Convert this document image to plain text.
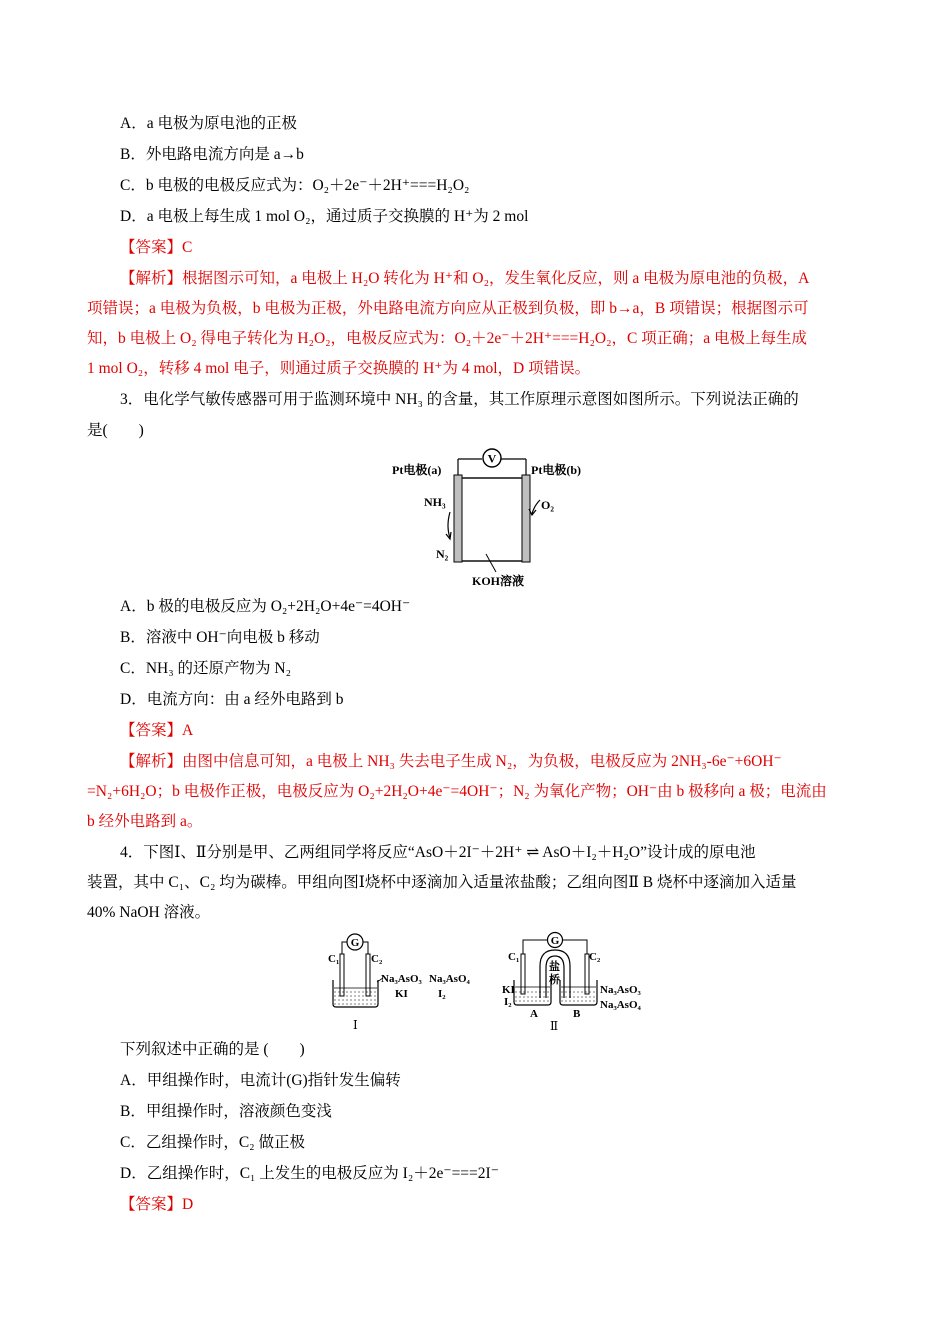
A．a 电极为原电池的正极
B．外电路电流方向是 a→b
C．b 电极的电极反应式为：O₂＋2e⁻＋2H⁺===H₂O₂
D．a 电极上每生成 1 mol O₂，通过质子交换膜的 H⁺为 2 mol
【答案】C
【解析】根据图示可知，a 电极上 H₂O 转化为 H⁺和 O₂，发生氧化反应，则 a 电极为原电池的负极，A
项错误；a 电极为负极，b 电极为正极，外电路电流方向应从正极到负极，即 b→a，B 项错误；根据图示可
知，b 电极上 O₂ 得电子转化为 H₂O₂，电极反应式为：O₂＋2e⁻＋2H⁺===H₂O₂，C 项正确；a 电极上每生成
1 mol O₂，转移 4 mol 电子，则通过质子交换膜的 H⁺为 4 mol，D 项错误。
3．电化学气敏传感器可用于监测环境中 NH₃ 的含量，其工作原理示意图如图所示。下列说法正确的
是(　　)
V
Pt电极(a)	Pt电极(b)
NH₃
N₂
O₂
KOH溶液
A．b 极的电极反应为 O₂+2H₂O+4e⁻=4OH⁻
B．溶液中 OH⁻向电极 b 移动
C．NH₃ 的还原产物为 N₂
D．电流方向：由 a 经外电路到 b
【答案】A
【解析】由图中信息可知，a 电极上 NH₃ 失去电子生成 N₂，为负极，电极反应为 2NH₃-6e⁻+6OH⁻
=N₂+6H₂O；b 电极作正极，电极反应为 O₂+2H₂O+4e⁻=4OH⁻；N₂ 为氧化产物；OH⁻由 b 极移向 a 极；电流由
b 经外电路到 a。
4．下图Ⅰ、Ⅱ分别是甲、乙两组同学将反应“AsO＋2I⁻＋2H⁺ ⇌ AsO＋I₂＋H₂O”设计成的原电池
装置，其中 C₁、C₂ 均为碳棒。甲组向图Ⅰ烧杯中逐滴加入适量浓盐酸；乙组向图Ⅱ B 烧杯中逐滴加入适量
40% NaOH 溶液。
G
C₁	C₂
Na₃AsO₃ Na₃AsO₄
KI	I₂
Ⅰ
G
盐
桥
C₁	C₂
KI
I₂
Na₃AsO₃
Na₃AsO₄
A	B
Ⅱ
下列叙述中正确的是 (　　)
A．甲组操作时，电流计(G)指针发生偏转
B．甲组操作时，溶液颜色变浅
C．乙组操作时，C₂ 做正极
D．乙组操作时，C₁ 上发生的电极反应为 I₂＋2e⁻===2I⁻
【答案】D
